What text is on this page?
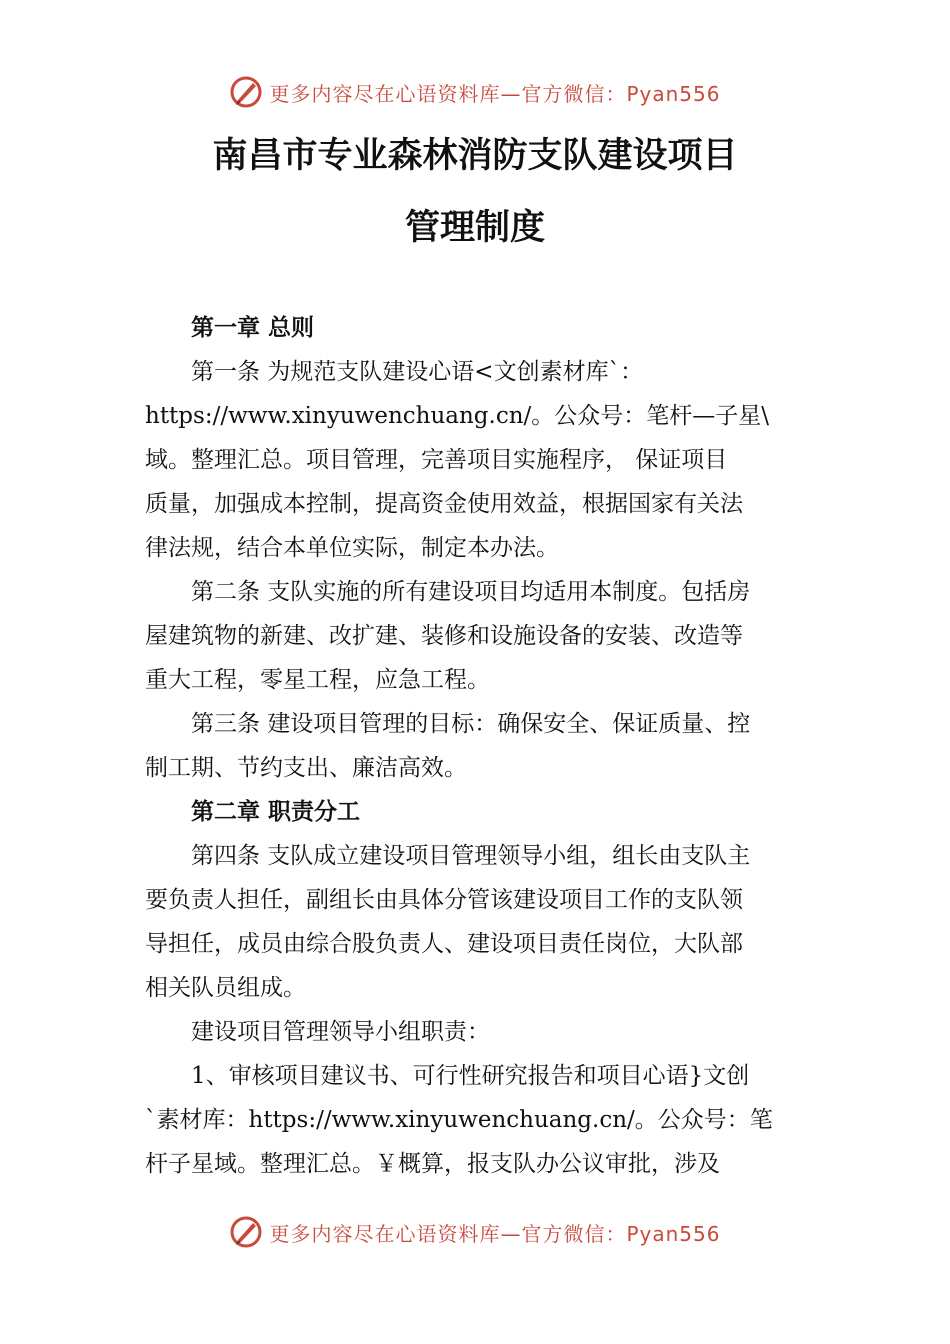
更多内容尽在心语资料库—官方微信：Pyan556
南昌市专业森林消防支队建设项目
管理制度
第一章 总则
第一条 为规范支队建设心语<文创素材库`：
https://www.xinyuwenchuang.cn/。公众号：笔杆—子星\
域。整理汇总。项目管理，完善项目实施程序， 保证项目
质量，加强成本控制，提高资金使用效益，根据国家有关法
律法规，结合本单位实际，制定本办法。
第二条 支队实施的所有建设项目均适用本制度。包括房
屋建筑物的新建、改扩建、装修和设施设备的安装、改造等
重大工程，零星工程，应急工程。
第三条 建设项目管理的目标：确保安全、保证质量、控
制工期、节约支出、廉洁高效。
第二章 职责分工
第四条 支队成立建设项目管理领导小组，组长由支队主
要负责人担任，副组长由具体分管该建设项目工作的支队领
导担任，成员由综合股负责人、建设项目责任岗位，大队部
相关队员组成。
建设项目管理领导小组职责：
1、审核项目建议书、可行性研究报告和项目心语}文创
`素材库：https://www.xinyuwenchuang.cn/。公众号：笔
杆子星域。整理汇总。￥概算，报支队办公议审批，涉及
更多内容尽在心语资料库—官方微信：Pyan556
